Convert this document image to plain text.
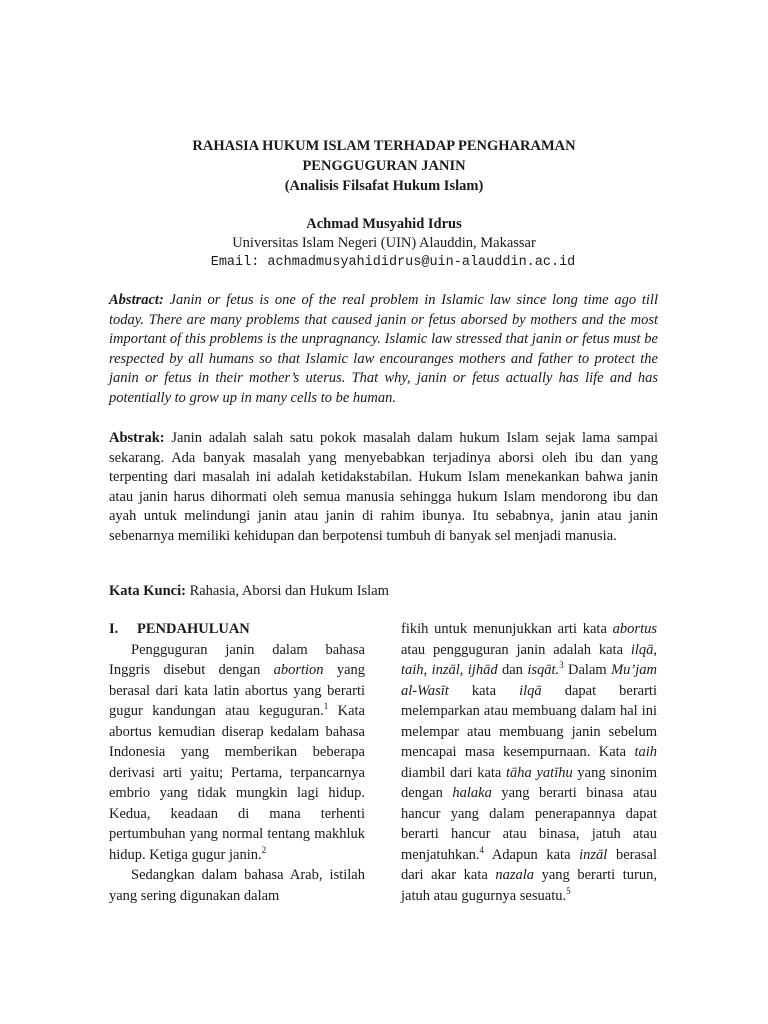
RAHASIA HUKUM ISLAM TERHADAP PENGHARAMAN
PENGGUGURAN JANIN
(Analisis Filsafat Hukum Islam)
Achmad Musyahid Idrus
Universitas Islam Negeri (UIN) Alauddin, Makassar
Email: achmadmusyahididrus@uin-alauddin.ac.id
Abstract: Janin or fetus is one of the real problem in Islamic law since long time ago till today. There are many problems that caused janin or fetus aborsed by mothers and the most important of this problems is the unpragnancy. Islamic law stressed that janin or fetus must be respected by all humans so that Islamic law encouranges mothers and father to protect the janin or fetus in their mother’s uterus. That why, janin or fetus actually has life and has potentially to grow up in many cells to be human.
Abstrak: Janin adalah salah satu pokok masalah dalam hukum Islam sejak lama sampai sekarang. Ada banyak masalah yang menyebabkan terjadinya aborsi oleh ibu dan yang terpenting dari masalah ini adalah ketidakstabilan. Hukum Islam menekankan bahwa janin atau janin harus dihormati oleh semua manusia sehingga hukum Islam mendorong ibu dan ayah untuk melindungi janin atau janin di rahim ibunya. Itu sebabnya, janin atau janin sebenarnya memiliki kehidupan dan berpotensi tumbuh di banyak sel menjadi manusia.
Kata Kunci: Rahasia, Aborsi dan Hukum Islam

I. PENDAHULUAN

Pengguguran janin dalam bahasa Inggris disebut dengan abortion yang berasal dari kata latin abortus yang berarti gugur kandungan atau keguguran.$^1$ Kata abortus kemudian diserap kedalam bahasa Indonesia yang memberikan beberapa derivasi arti yaitu; Pertama, terpancarnya embrio yang tidak mungkin lagi hidup. Kedua, keadaan di mana terhenti pertumbuhan yang normal tentang makhluk hidup. Ketiga gugur janin.$^2$

Sedangkan dalam bahasa Arab, istilah yang sering digunakan dalam

fikih untuk menunjukkan arti kata abortus atau pengguguran janin adalah kata ilqā, taih, inzāl, ijhād dan isqāt.$^3$ Dalam Mu’jam al-Wasīt kata ilqā dapat berarti melemparkan atau membuang dalam hal ini melempar atau membuang janin sebelum mencapai masa kesempurnaan. Kata taih diambil dari kata tāha yatīhu yang sinonim dengan halaka yang berarti binasa atau hancur yang dalam penerapannya dapat berarti hancur atau binasa, jatuh atau menjatuhkan.$^4$ Adapun kata inzāl berasal dari akar kata nazala yang berarti turun, jatuh atau gugurnya sesuatu.$^5$
